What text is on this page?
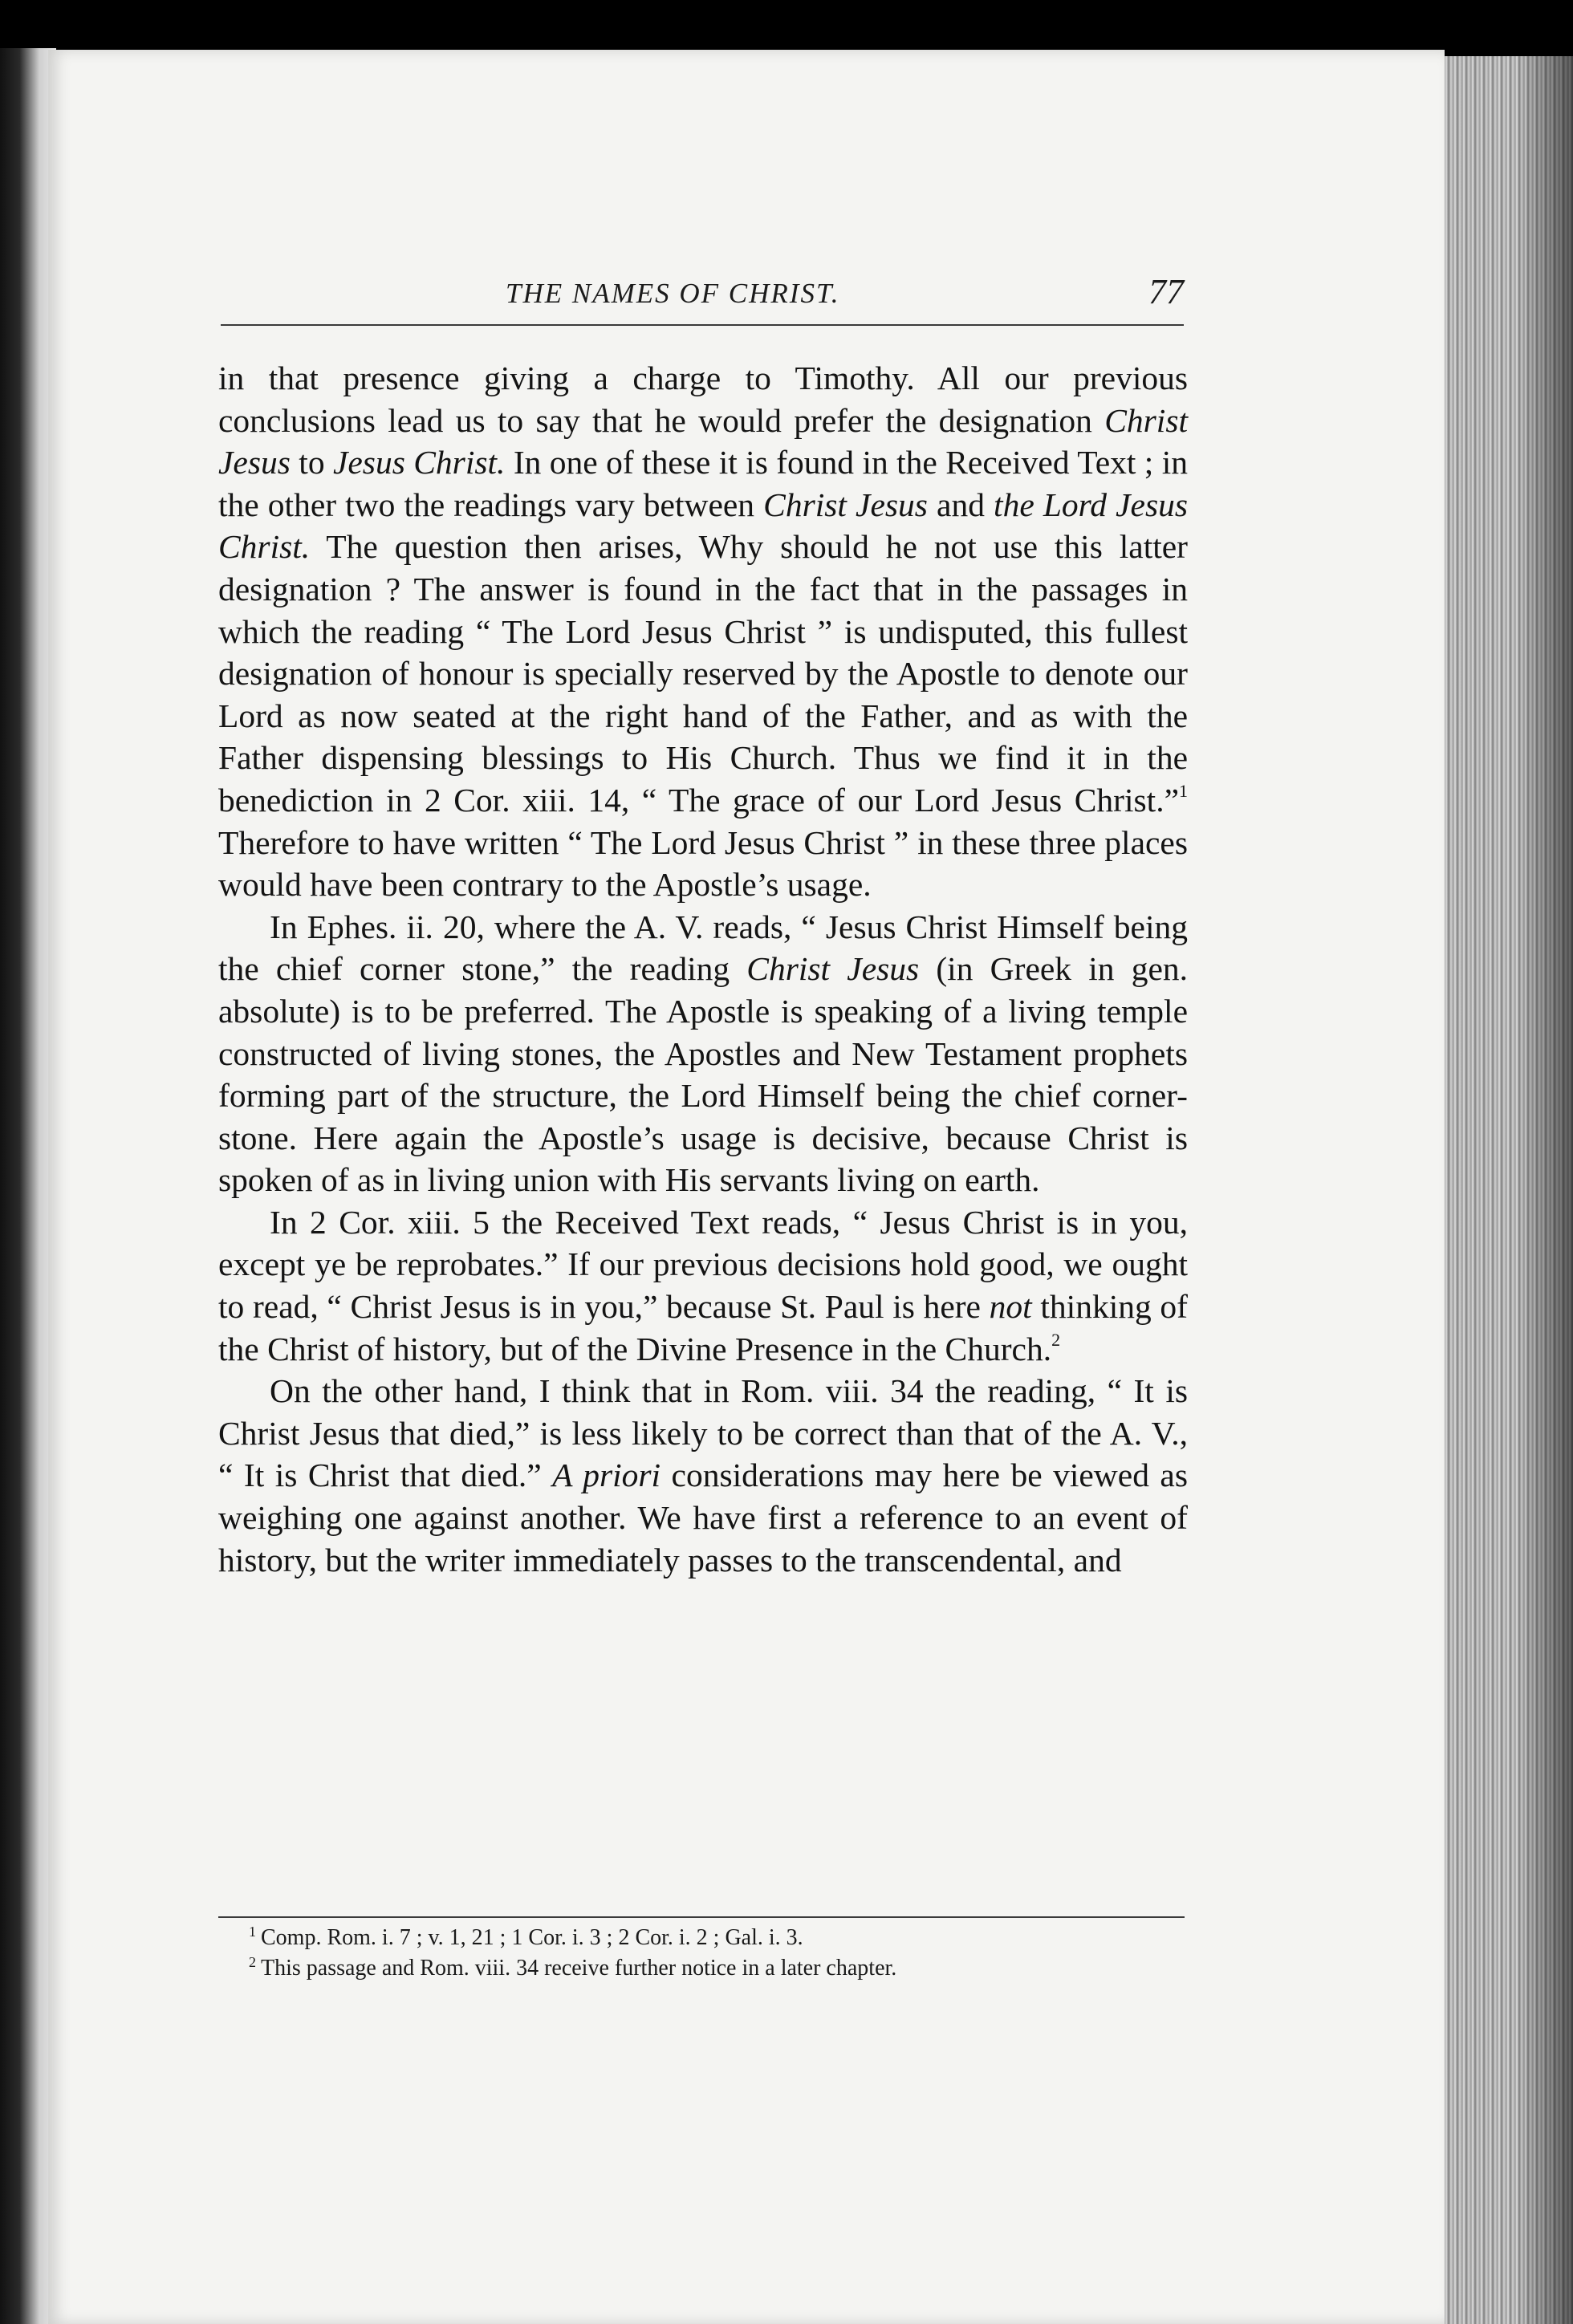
THE NAMES OF CHRIST.	77

in that presence giving a charge to Timothy. All our previous conclusions lead us to say that he would prefer the designation Christ Jesus to Jesus Christ. In one of these it is found in the Received Text ; in the other two the readings vary between Christ Jesus and the Lord Jesus Christ. The question then arises, Why should he not use this latter designation ? The answer is found in the fact that in the passages in which the reading “ The Lord Jesus Christ ” is undisputed, this fullest designation of honour is specially reserved by the Apostle to denote our Lord as now seated at the right hand of the Father, and as with the Father dispensing blessings to His Church. Thus we find it in the benediction in 2 Cor. xiii. 14, “ The grace of our Lord Jesus Christ.”$^1$ Therefore to have written “ The Lord Jesus Christ ” in these three places would have been contrary to the Apostle’s usage.

In Ephes. ii. 20, where the A. V. reads, “ Jesus Christ Himself being the chief corner stone,” the reading Christ Jesus (in Greek in gen. absolute) is to be preferred. The Apostle is speaking of a living temple constructed of living stones, the Apostles and New Testament prophets forming part of the structure, the Lord Himself being the chief corner-stone. Here again the Apostle’s usage is decisive, because Christ is spoken of as in living union with His servants living on earth.

In 2 Cor. xiii. 5 the Received Text reads, “ Jesus Christ is in you, except ye be reprobates.” If our previous decisions hold good, we ought to read, “ Christ Jesus is in you,” because St. Paul is here not thinking of the Christ of history, but of the Divine Presence in the Church.$^2$

On the other hand, I think that in Rom. viii. 34 the reading, “ It is Christ Jesus that died,” is less likely to be correct than that of the A. V., “ It is Christ that died.” A priori considerations may here be viewed as weighing one against another. We have first a reference to an event of history, but the writer immediately passes to the transcendental, and

$^1$ Comp. Rom. i. 7 ; v. 1, 21 ; 1 Cor. i. 3 ; 2 Cor. i. 2 ; Gal. i. 3.
$^2$ This passage and Rom. viii. 34 receive further notice in a later chapter.
